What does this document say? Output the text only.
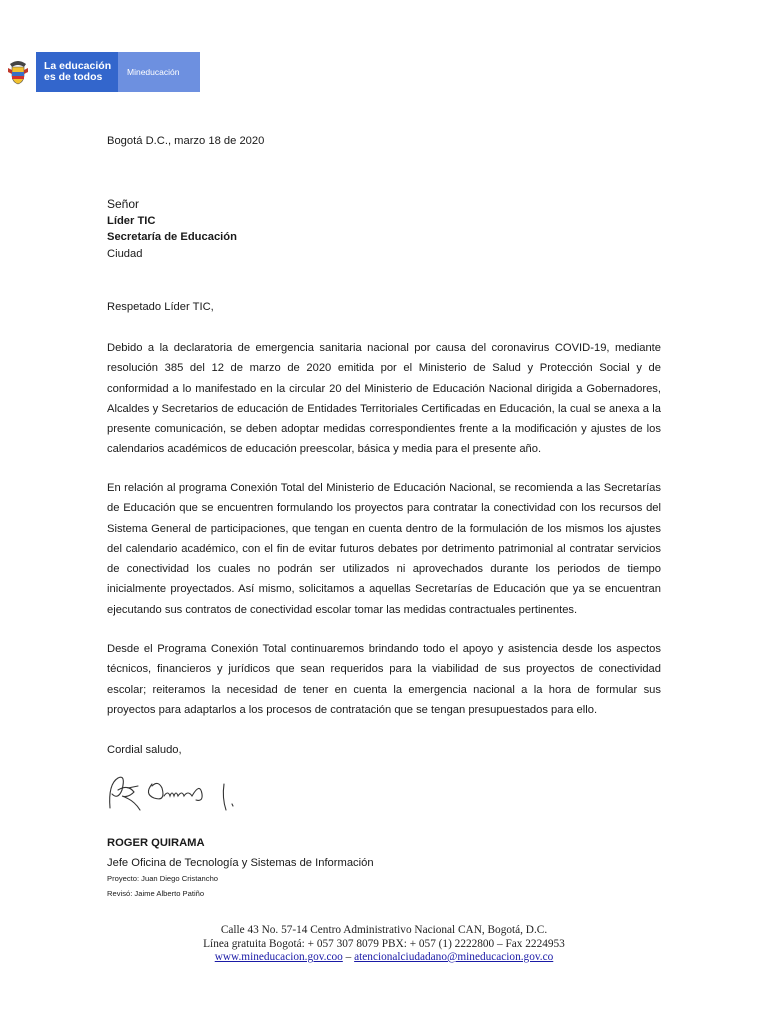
La educación
es de todos	Mineducación
Bogotá D.C., marzo 18 de 2020
Señor
Líder TIC
Secretaría de Educación
Ciudad
Respetado Líder TIC,
Debido a la declaratoria de emergencia sanitaria nacional por causa del coronavirus COVID-19, mediante resolución 385 del 12 de marzo de 2020 emitida por el Ministerio de Salud y Protección Social y de conformidad a lo manifestado en la circular 20 del Ministerio de Educación Nacional dirigida a Gobernadores, Alcaldes y Secretarios de educación de Entidades Territoriales Certificadas en Educación, la cual se anexa a la presente comunicación, se deben adoptar medidas correspondientes frente a la modificación y ajustes de los calendarios académicos de educación preescolar, básica y media para el presente año.
En relación al programa Conexión Total del Ministerio de Educación Nacional, se recomienda a las Secretarías de Educación que se encuentren formulando los proyectos para contratar la conectividad con los recursos del Sistema General de participaciones, que tengan en cuenta dentro de la formulación de los mismos los ajustes del calendario académico, con el fin de evitar futuros debates por detrimento patrimonial al contratar servicios de conectividad los cuales no podrán ser utilizados ni aprovechados durante los periodos de tiempo inicialmente proyectados. Así mismo, solicitamos a aquellas Secretarías de Educación que ya se encuentran ejecutando sus contratos de conectividad escolar tomar las medidas contractuales pertinentes.
Desde el Programa Conexión Total continuaremos brindando todo el apoyo y asistencia desde los aspectos técnicos, financieros y jurídicos que sean requeridos para la viabilidad de sus proyectos de conectividad escolar; reiteramos la necesidad de tener en cuenta la emergencia nacional a la hora de formular sus proyectos para adaptarlos a los procesos de contratación que se tengan presupuestados para ello.
Cordial saludo,
ROGER QUIRAMA
Jefe Oficina de Tecnología y Sistemas de Información
Proyecto: Juan Diego Cristancho
Revisó: Jaime Alberto Patiño
Calle 43 No. 57-14 Centro Administrativo Nacional CAN, Bogotá, D.C.
Línea gratuita Bogotá: + 057 307 8079 PBX: + 057 (1) 2222800 – Fax 2224953
www.mineducacion.gov.coo – atencionalciudadano@mineducacion.gov.co
